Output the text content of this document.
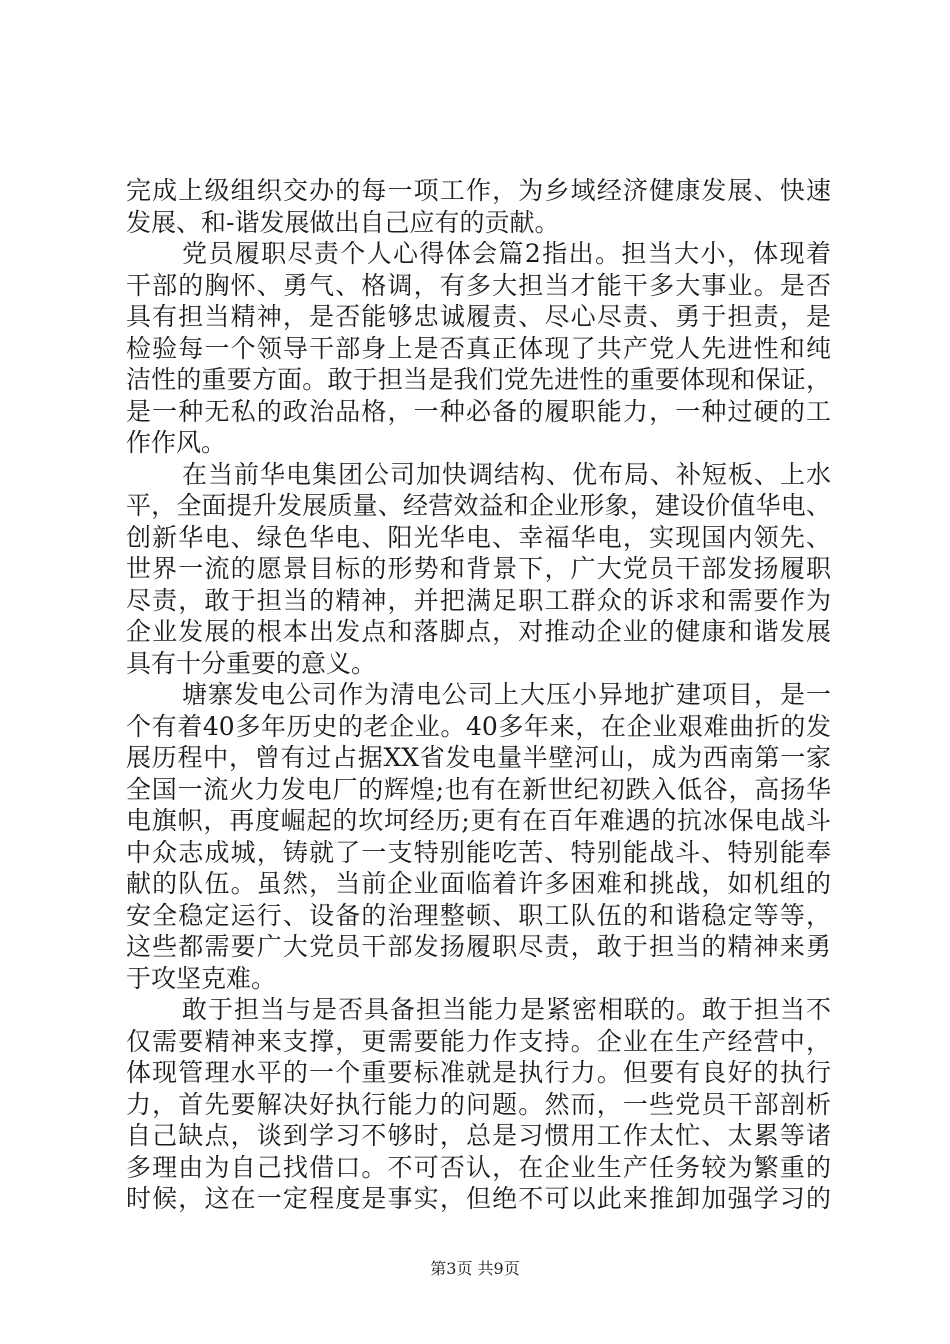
完成上级组织交办的每一项工作，为乡域经济健康发展、快速
发展、和-谐发展做出自己应有的贡献。
党员履职尽责个人心得体会篇2指出。担当大小，体现着
干部的胸怀、勇气、格调，有多大担当才能干多大事业。是否
具有担当精神，是否能够忠诚履责、尽心尽责、勇于担责，是
检验每一个领导干部身上是否真正体现了共产党人先进性和纯
洁性的重要方面。敢于担当是我们党先进性的重要体现和保证，
是一种无私的政治品格，一种必备的履职能力，一种过硬的工
作作风。
在当前华电集团公司加快调结构、优布局、补短板、上水
平，全面提升发展质量、经营效益和企业形象，建设价值华电、
创新华电、绿色华电、阳光华电、幸福华电，实现国内领先、
世界一流的愿景目标的形势和背景下，广大党员干部发扬履职
尽责，敢于担当的精神，并把满足职工群众的诉求和需要作为
企业发展的根本出发点和落脚点，对推动企业的健康和谐发展
具有十分重要的意义。
塘寨发电公司作为清电公司上大压小异地扩建项目，是一
个有着40多年历史的老企业。40多年来，在企业艰难曲折的发
展历程中，曾有过占据XX省发电量半壁河山，成为西南第一家
全国一流火力发电厂的辉煌;也有在新世纪初跌入低谷，高扬华
电旗帜，再度崛起的坎坷经历;更有在百年难遇的抗冰保电战斗
中众志成城，铸就了一支特别能吃苦、特别能战斗、特别能奉
献的队伍。虽然，当前企业面临着许多困难和挑战，如机组的
安全稳定运行、设备的治理整顿、职工队伍的和谐稳定等等，
这些都需要广大党员干部发扬履职尽责，敢于担当的精神来勇
于攻坚克难。
敢于担当与是否具备担当能力是紧密相联的。敢于担当不
仅需要精神来支撑，更需要能力作支持。企业在生产经营中，
体现管理水平的一个重要标准就是执行力。但要有良好的执行
力，首先要解决好执行能力的问题。然而，一些党员干部剖析
自己缺点，谈到学习不够时，总是习惯用工作太忙、太累等诸
多理由为自己找借口。不可否认，在企业生产任务较为繁重的
时候，这在一定程度是事实，但绝不可以此来推卸加强学习的
第3页 共9页
